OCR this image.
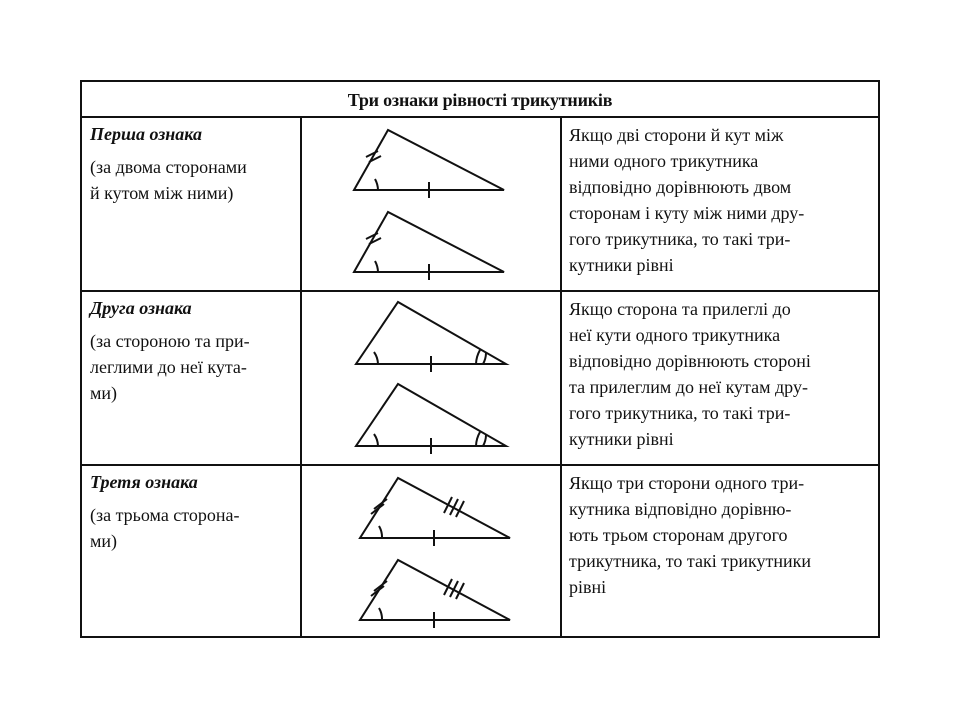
Три ознаки рівності трикутників
Перша ознака
(за двома сторонами
й кутом між ними)
Якщо дві сторони й кут між
ними одного трикутника
відповідно дорівнюють двом
сторонам і куту між ними дру-
гого трикутника, то такі три-
кутники рівні
Друга ознака
(за стороною та при-
леглими до неї кута-
ми)
Якщо сторона та прилеглі до
неї кути одного трикутника
відповідно дорівнюють стороні
та прилеглим до неї кутам дру-
гого трикутника, то такі три-
кутники рівні
Третя ознака
(за трьома сторона-
ми)
Якщо три сторони одного три-
кутника відповідно дорівню-
ють трьом сторонам другого
трикутника, то такі трикутники
рівні
